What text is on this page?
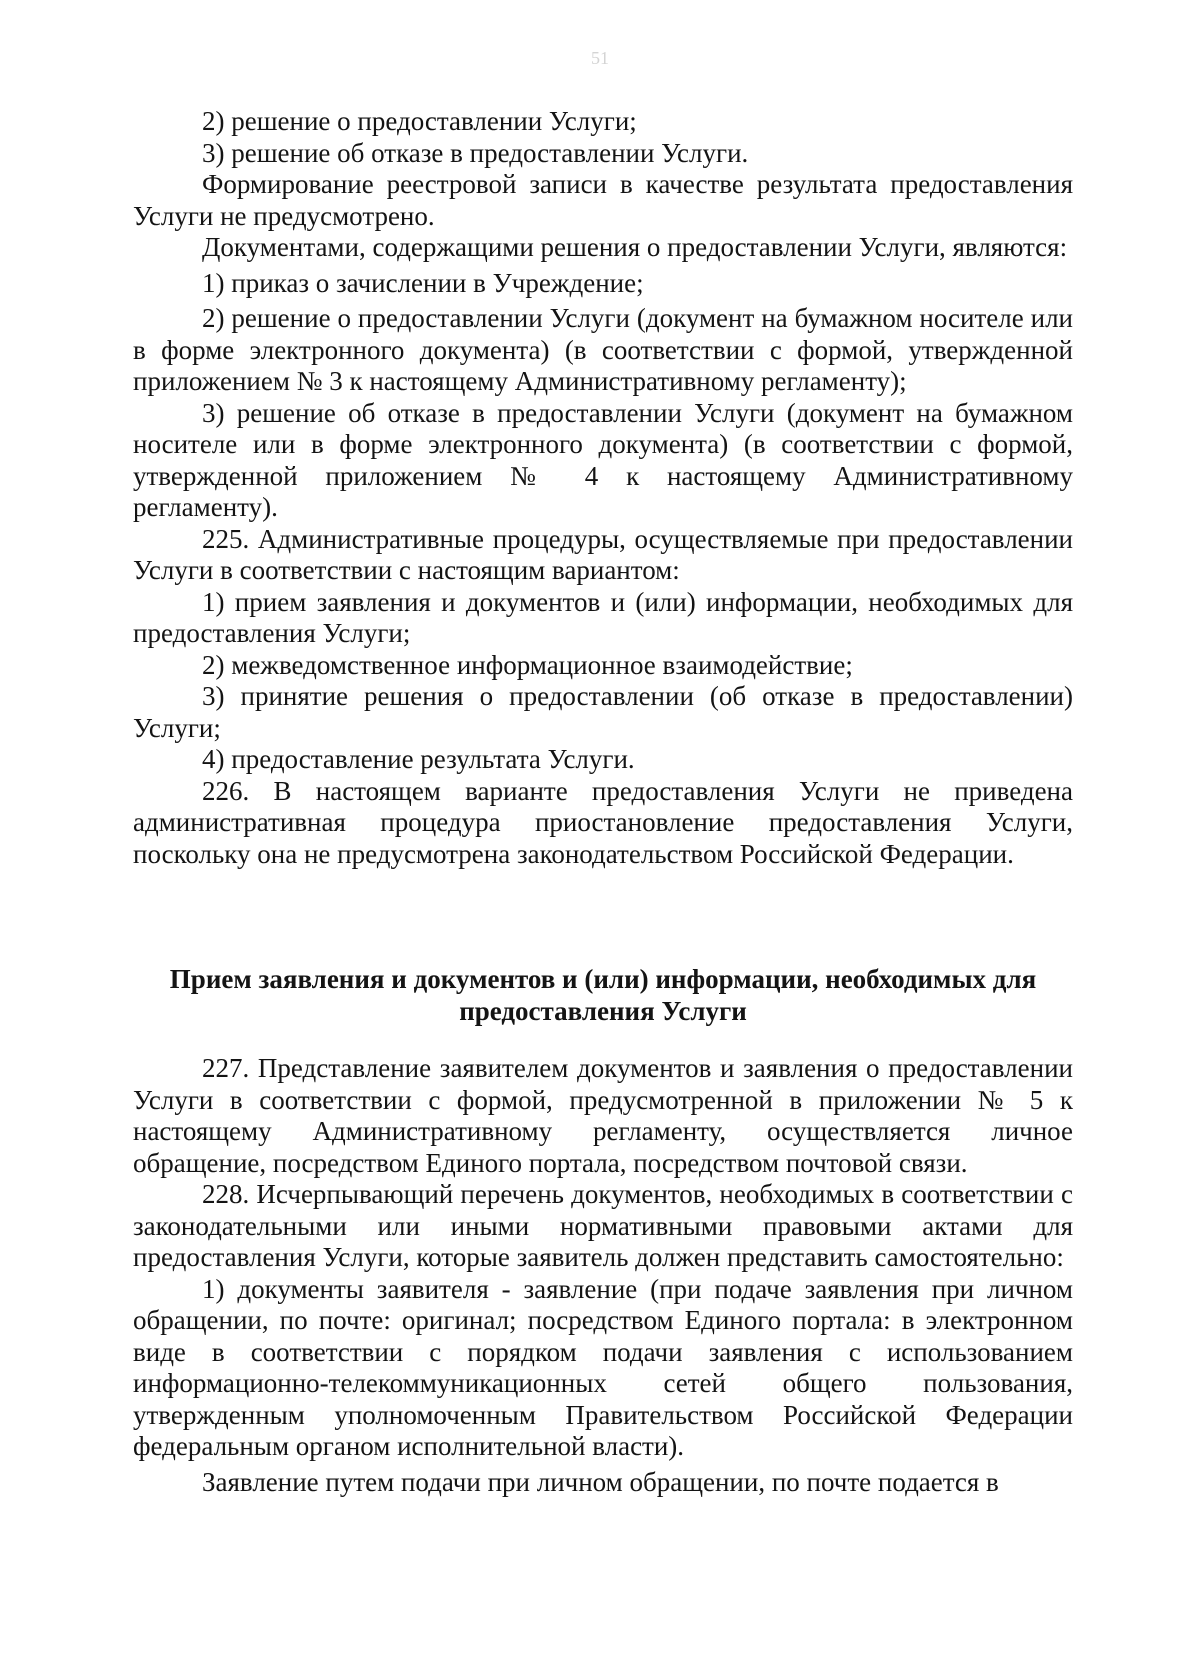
51

2) решение о предоставлении Услуги;

3) решение об отказе в предоставлении Услуги.

Формирование реестровой записи в качестве результата предоставления Услуги не предусмотрено.

Документами, содержащими решения о предоставлении Услуги, являются:

1) приказ о зачислении в Учреждение;

2) решение о предоставлении Услуги (документ на бумажном носителе или в форме электронного документа) (в соответствии с формой, утвержденной приложением № 3 к настоящему Административному регламенту);

3) решение об отказе в предоставлении Услуги (документ на бумажном носителе или в форме электронного документа) (в соответствии с формой, утвержденной приложением № 4 к настоящему Административному регламенту).

225. Административные процедуры, осуществляемые при предоставлении Услуги в соответствии с настоящим вариантом:

1) прием заявления и документов и (или) информации, необходимых для предоставления Услуги;

2) межведомственное информационное взаимодействие;

3) принятие решения о предоставлении (об отказе в предоставлении) Услуги;

4) предоставление результата Услуги.

226. В настоящем варианте предоставления Услуги не приведена административная процедура приостановление предоставления Услуги, поскольку она не предусмотрена законодательством Российской Федерации.

Прием заявления и документов и (или) информации, необходимых для
предоставления Услуги

227. Представление заявителем документов и заявления о предоставлении Услуги в соответствии с формой, предусмотренной в приложении № 5 к настоящему Административному регламенту, осуществляется личное обращение, посредством Единого портала, посредством почтовой связи.

228. Исчерпывающий перечень документов, необходимых в соответствии с законодательными или иными нормативными правовыми актами для предоставления Услуги, которые заявитель должен представить самостоятельно:

1) документы заявителя - заявление (при подаче заявления при личном обращении, по почте: оригинал; посредством Единого портала: в электронном виде в соответствии с порядком подачи заявления с использованием информационно-телекоммуникационных сетей общего пользования, утвержденным уполномоченным Правительством Российской Федерации федеральным органом исполнительной власти).

Заявление путем подачи при личном обращении, по почте подается в
